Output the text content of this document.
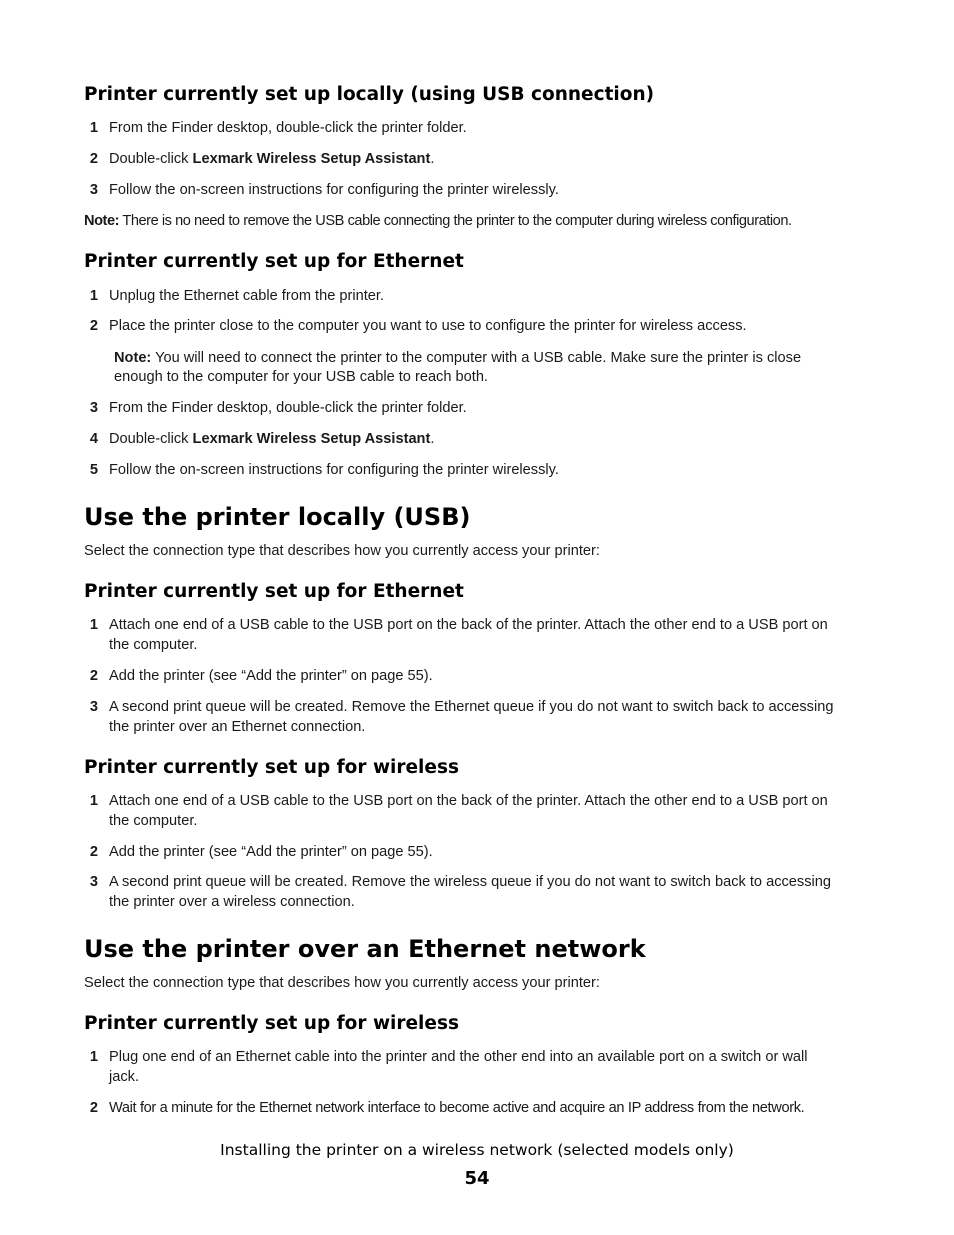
Printer currently set up locally (using USB connection)
1 From the Finder desktop, double-click the printer folder.
2 Double-click Lexmark Wireless Setup Assistant.
3 Follow the on-screen instructions for configuring the printer wirelessly.
Note: There is no need to remove the USB cable connecting the printer to the computer during wireless configuration.
Printer currently set up for Ethernet
1 Unplug the Ethernet cable from the printer.
2 Place the printer close to the computer you want to use to configure the printer for wireless access.
Note: You will need to connect the printer to the computer with a USB cable. Make sure the printer is close
enough to the computer for your USB cable to reach both.
3 From the Finder desktop, double-click the printer folder.
4 Double-click Lexmark Wireless Setup Assistant.
5 Follow the on-screen instructions for configuring the printer wirelessly.
Use the printer locally (USB)
Select the connection type that describes how you currently access your printer:
Printer currently set up for Ethernet
1 Attach one end of a USB cable to the USB port on the back of the printer. Attach the other end to a USB port on
the computer.
2 Add the printer (see “Add the printer” on page 55).
3 A second print queue will be created. Remove the Ethernet queue if you do not want to switch back to accessing
the printer over an Ethernet connection.
Printer currently set up for wireless
1 Attach one end of a USB cable to the USB port on the back of the printer. Attach the other end to a USB port on
the computer.
2 Add the printer (see “Add the printer” on page 55).
3 A second print queue will be created. Remove the wireless queue if you do not want to switch back to accessing
the printer over a wireless connection.
Use the printer over an Ethernet network
Select the connection type that describes how you currently access your printer:
Printer currently set up for wireless
1 Plug one end of an Ethernet cable into the printer and the other end into an available port on a switch or wall
jack.
2 Wait for a minute for the Ethernet network interface to become active and acquire an IP address from the network.
Installing the printer on a wireless network (selected models only)
54
